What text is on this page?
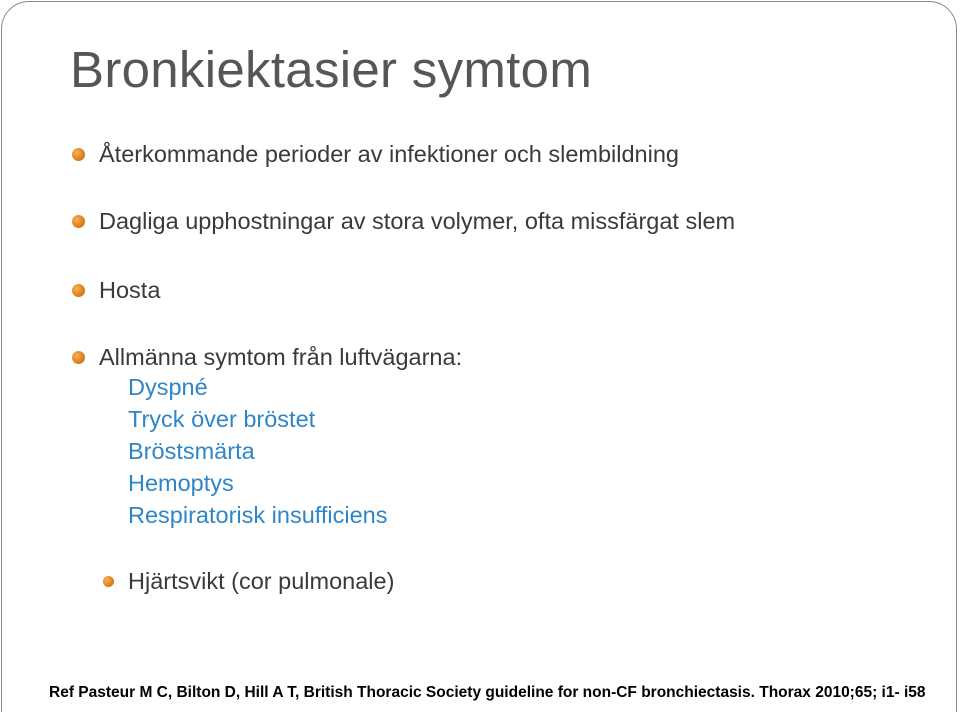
Bronkiektasier symtom
Återkommande perioder av infektioner och slembildning
Dagliga upphostningar av stora volymer, ofta missfärgat slem
Hosta
Allmänna symtom från luftvägarna:
Dyspné
Tryck över bröstet
Bröstsmärta
Hemoptys
Respiratorisk insufficiens
Hjärtsvikt (cor pulmonale)
Ref Pasteur M C, Bilton D, Hill A T, British Thoracic Society guideline for non-CF bronchiectasis. Thorax 2010;65; i1- i58
